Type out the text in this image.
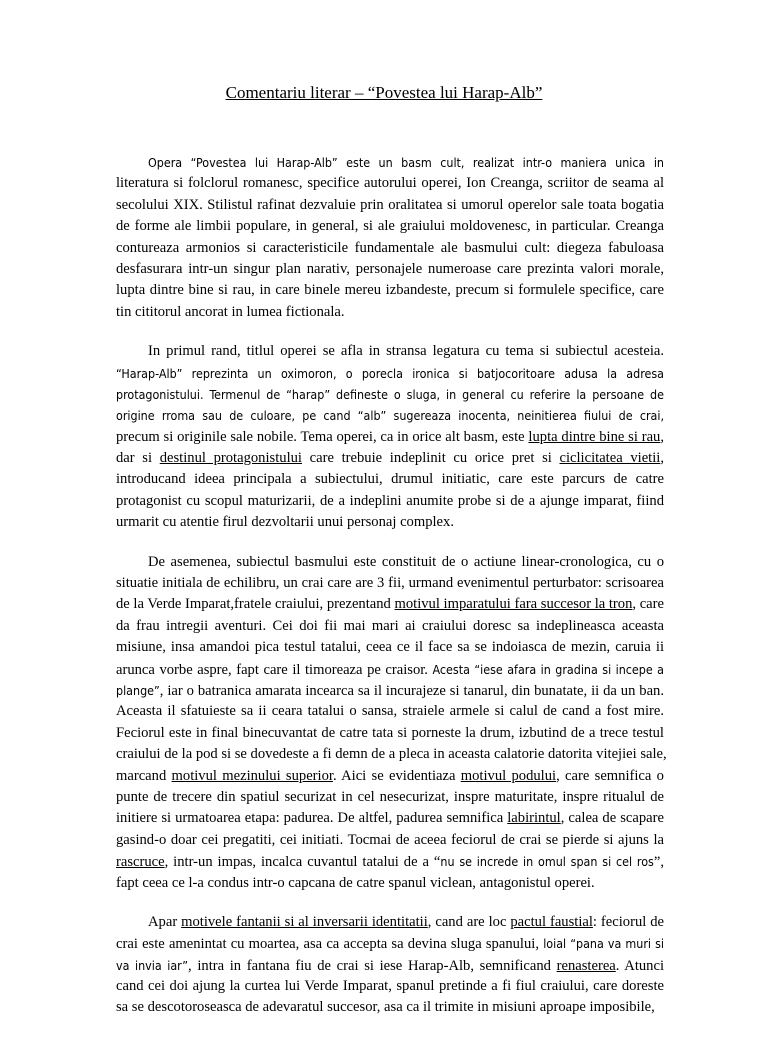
Comentariu literar – “Povestea lui Harap-Alb”
Opera “Povestea lui Harap-Alb” este un basm cult, realizat intr-o maniera unica in
literatura si folclorul romanesc, specifice autorului operei, Ion Creanga, scriitor de seama al
secolului XIX. Stilistul rafinat dezvaluie prin oralitatea si umorul operelor sale toata bogatia
de forme ale limbii populare, in general, si ale graiului moldovenesc, in particular. Creanga
contureaza armonios si caracteristicile fundamentale ale basmului cult: diegeza fabuloasa
desfasurara intr-un singur plan narativ, personajele numeroase care prezinta valori morale,
lupta dintre bine si rau, in care binele mereu izbandeste, precum si formulele specifice, care
tin cititorul ancorat in lumea fictionala.
In primul rand, titlul operei se afla in stransa legatura cu tema si subiectul acesteia.
“Harap-Alb” reprezinta un oximoron, o porecla ironica si batjocoritoare adusa la adresa
protagonistului. Termenul de “harap” defineste o sluga, in general cu referire la persoane de
origine rroma sau de culoare, pe cand “alb” sugereaza inocenta, neinitierea fiului de crai,
precum si originile sale nobile. Tema operei, ca in orice alt basm, este lupta dintre bine si rau,
dar si destinul protagonistului care trebuie indeplinit cu orice pret si ciclicitatea vietii,
introducand ideea principala a subiectului, drumul initiatic, care este parcurs de catre
protagonist cu scopul maturizarii, de a indeplini anumite probe si de a ajunge imparat, fiind
urmarit cu atentie firul dezvoltarii unui personaj complex.
De asemenea, subiectul basmului este constituit de o actiune linear-cronologica, cu o
situatie initiala de echilibru, un crai care are 3 fii, urmand evenimentul perturbator: scrisoarea
de la Verde Imparat,fratele craiului, prezentand motivul imparatului fara succesor la tron, care
da frau intregii aventuri. Cei doi fii mai mari ai craiului doresc sa indeplineasca aceasta
misiune, insa amandoi pica testul tatalui, ceea ce il face sa se indoiasca de mezin, caruia ii
arunca vorbe aspre, fapt care il timoreaza pe craisor. Acesta “iese afara in gradina si incepe a
plange”, iar o batranica amarata incearca sa il incurajeze si tanarul, din bunatate, ii da un ban.
Aceasta il sfatuieste sa ii ceara tatalui o sansa, straiele armele si calul de cand a fost mire.
Feciorul este in final binecuvantat de catre tata si porneste la drum, izbutind de a trece testul
craiului de la pod si se dovedeste a fi demn de a pleca in aceasta calatorie datorita vitejiei sale,
marcand motivul mezinului superior. Aici se evidentiaza motivul podului, care semnifica o
punte de trecere din spatiul securizat in cel nesecurizat, inspre maturitate, inspre ritualul de
initiere si urmatoarea etapa: padurea. De altfel, padurea semnifica labirintul, calea de scapare
gasind-o doar cei pregatiti, cei initiati. Tocmai de aceea feciorul de crai se pierde si ajuns la
rascruce, intr-un impas, incalca cuvantul tatalui de a “nu se increde in omul span si cel ros”,
fapt ceea ce l-a condus intr-o capcana de catre spanul viclean, antagonistul operei.
Apar motivele fantanii si al inversarii identitatii, cand are loc pactul faustial: feciorul de
crai este amenintat cu moartea, asa ca accepta sa devina sluga spanului, loial “pana va muri si
va invia iar”, intra in fantana fiu de crai si iese Harap-Alb, semnificand renasterea. Atunci
cand cei doi ajung la curtea lui Verde Imparat, spanul pretinde a fi fiul craiului, care doreste
sa se descotoroseasca de adevaratul succesor, asa ca il trimite in misiuni aproape imposibile,
